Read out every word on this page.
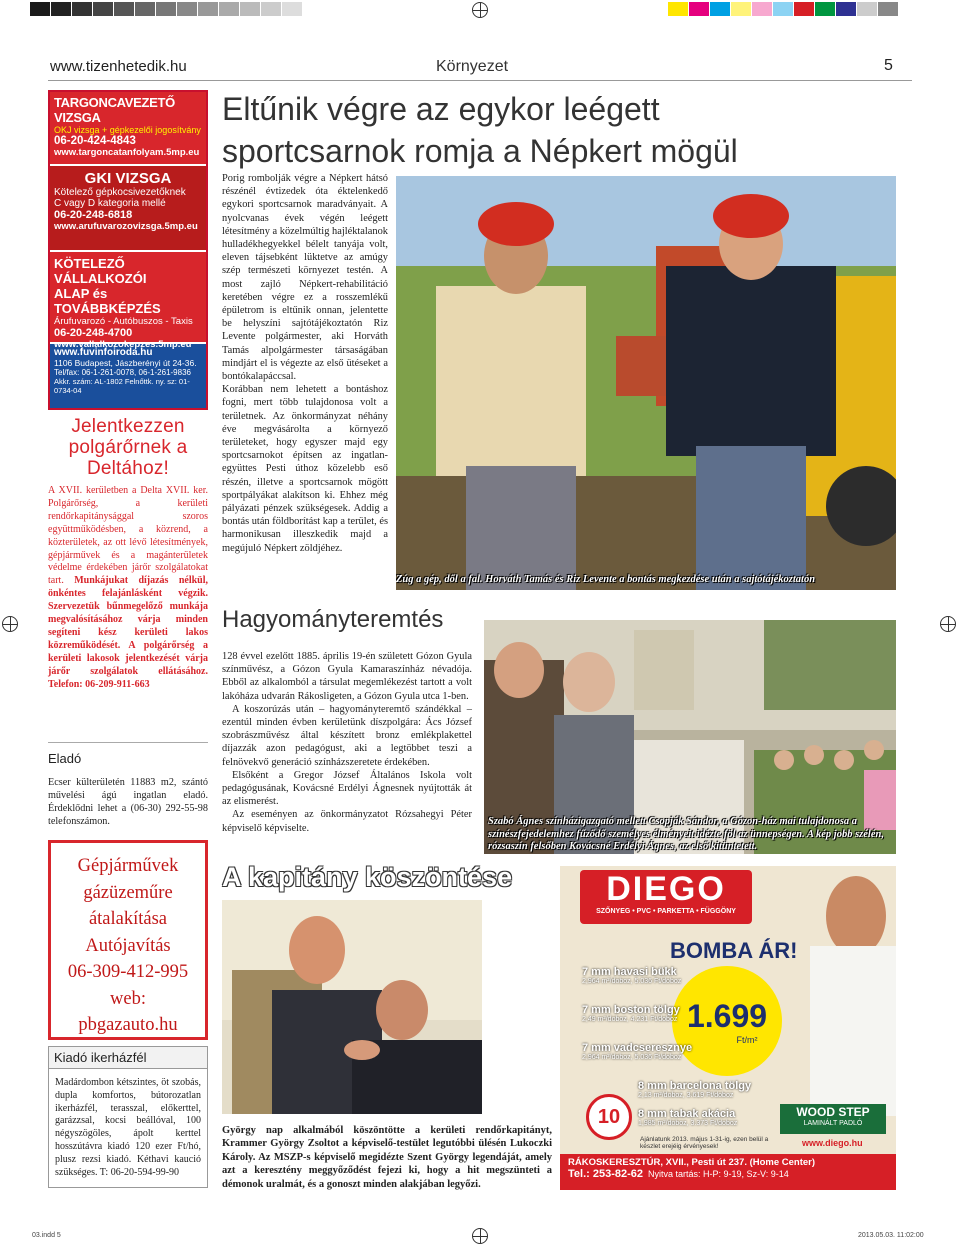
www.tizenhetedik.hu	Környezet	5
TARGONCAVEZETŐ VIZSGA
OKJ vizsga + gépkezelői jogosítvány
06-20-424-4843
www.targoncatanfolyam.5mp.eu
GKI VIZSGA
Kötelező gépkocsivezetőknek
C vagy D kategoria mellé
06-20-248-6818
www.arufuvarozovizsga.5mp.eu
KÖTELEZŐ VÁLLALKOZÓI
ALAP és TOVÁBBKÉPZÉS
Árufuvarozó - Autóbuszos - Taxis
06-20-248-4700
www.vallalkozokepzes.5mp.eu
www.fuvinfoiroda.hu
1106 Budapest, Jászberényi út 24-36.
Tel/fax: 06-1-261-0078, 06-1-261-9836
Akkr. szám: AL-1802 Felnőttk. ny. sz: 01-0734-04
Jelentkezzen polgárőrnek a Deltához!
A XVII. kerületben a Delta XVII. ker. Polgárőrség, a kerületi rendőrkapitánysággal szoros együttműködésben, a közrend, a közterületek, az ott lévő létesítmények, gépjárművek és a magánterületek védelme érdekében járőr szolgálatokat tart. Munkájukat díjazás nélkül, önkéntes felajánlásként végzik. Szervezetük bűnmegelőző munkája megvalósításához várja minden segíteni kész kerületi lakos közreműködését. A polgárőrség a kerületi lakosok jelentkezését várja járőr szolgálatok ellátásához. Telefon: 06-209-911-663
Eladó
Ecser külterületén 11883 m2, szántó művelési ágú ingatlan eladó. Érdeklődni lehet a (06-30) 292-55-98 telefonszámon.
Gépjárművek
gázüzeműre
átalakítása
Autójavítás
06-309-412-995
web:
pbgazauto.hu
Kiadó ikerházfél
Madárdombon kétszintes, öt szobás, dupla komfortos, bútorozatlan ikerházfél, terasszal, előkerttel, garázzsal, kocsi beállóval, 100 négyszögöles, ápolt kerttel hosszútávra kiadó 120 ezer Ft/hó, plusz rezsi kiadó. Kéthavi kaució szükséges. T: 06-20-594-99-90
Eltűnik végre az egykor leégett sportcsarnok romja a Népkert mögül

Porig rombolják végre a Népkert hátsó részénél évtizedek óta éktelenkedő egykori sportcsarnok maradványait. A nyolcvanas évek végén leégett létesítmény a közelmúltig hajléktalanok hulladékhegyekkel bélelt tanyája volt, eleven tájsebként lüktetve az amúgy szép természeti környezet testén. A most zajló Népkert-rehabilitáció keretében végre ez a rosszemlékű épületrom is eltűnik onnan, jelentette be helyszíni sajtótájékoztatón Riz Levente polgármester, aki Horváth Tamás alpolgármester társaságában mindjárt el is végezte az első ütéseket a bontókalapáccsal.

Korábban nem lehetett a bontáshoz fogni, mert több tulajdonosa volt a területnek. Az önkormányzat néhány éve megvásárolta a környező területeket, hogy egyszer majd egy sportcsarnokot építsen az ingatlan-együttes Pesti úthoz közelebb eső részén, illetve a sportcsarnok mögött sportpályákat alakítson ki. Ehhez még pályázati pénzek szükségesek. Addig a bontás után földborítást kap a terület, és harmonikusan illeszkedik majd a megújuló Népkert zöldjéhez.

Zúg a gép, dől a fal. Horváth Tamás és Riz Levente a bontás megkezdése után a sajtótájékoztatón
Hagyományteremtés

128 évvel ezelőtt 1885. április 19-én született Gózon Gyula színművész, a Gózon Gyula Kamaraszínház névadója. Ebből az alkalomból a társulat megemlékezést tartott a volt lakóháza udvarán Rákosligeten, a Gózon Gyula utca 1-ben.

A koszorúzás után – hagyományteremtő szándékkal – ezentúl minden évben kerületünk díszpolgára: Ács József szobrászművész által készített bronz emlékplakettel díjazzák azon pedagógust, aki a legtöbbet teszi a felnövekvő generáció színházszeretete érdekében.

Elsőként a Gregor József Általános Iskola volt pedagógusának, Kovácsné Erdélyi Ágnesnek nyújtották át az elismerést.

Az eseményen az önkormányzatot Rózsahegyi Péter képviselő képviselte.

Szabó Ágnes színházigazgató mellett Csopják Sándor, a Gózon-ház mai tulajdonosa a színészfejedelemhez fűződő személyes élményeit idézte föl az ünnepségen. A kép jobb szélén, rózsaszín felsőben Kovácsné Erdélyi Ágnes, az első kitüntetett.
A kapitány köszöntése
György nap alkalmából köszöntötte a kerületi rendőrkapitányt, Krammer György Zsoltot a képviselő-testület legutóbbi ülésén Lukoczki Károly. Az MSZP-s képviselő megidézte Szent György legendáját, amely azt a keresztény meggyőződést fejezi ki, hogy a hit megszünteti a démonok uralmát, és a gonoszt minden alakjában legyőzi.
DIEGO
SZŐNYEG • PVC • PARKETTA • FÜGGÖNY
BOMBA ÁR!
1.699
Ft/m²
7 mm havasi bükk
2,964 m²/doboz, 5.036 Ft/doboz
7 mm boston tölgy
2,49 m²/doboz, 4.231 Ft/doboz
7 mm vadcseresznye
2,964 m²/doboz, 5.036 Ft/doboz
8 mm barcelona tölgy
2,13 m²/doboz, 3.619 Ft/doboz
8 mm tabak akácia
1,985 m²/doboz, 3.373 Ft/doboz
10	WOOD STEP
LAMINÁLT PADLÓ
Ajánlatunk 2013. május 1-31-ig, ezen belül a készlet erejéig érvényesek!	www.diego.hu
RÁKOSKERESZTÚR, XVII., Pesti út 237. (Home Center)
Tel.: 253-82-62 Nyitva tartás: H-P: 9-19, Sz-V: 9-14
03.indd 5	2013.05.03. 11:02:00
